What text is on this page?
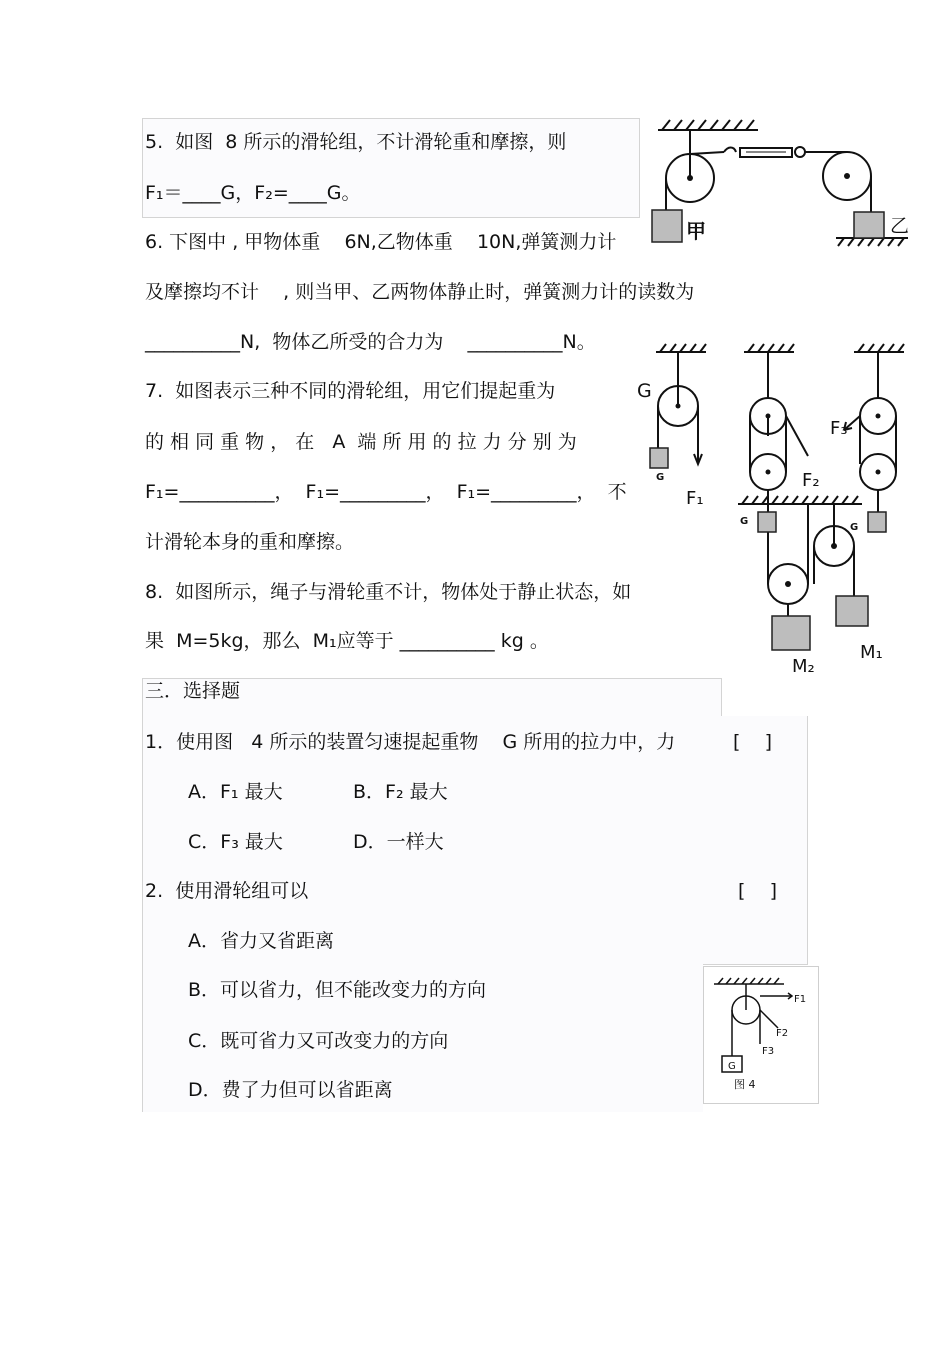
5.  如图  8 所示的滑轮组，不计滑轮重和摩擦，则

F₁＝____G，F₂=____G。

6. 下图中 , 甲物体重    6N,乙物体重    10N,弹簧测力计

及摩擦均不计    , 则当甲、乙两物体静止时，弹簧测力计的读数为

__________N,  物体乙所受的合力为    __________N。

7.  如图表示三种不同的滑轮组，用它们提起重为	G

的 相 同 重 物 ， 在   A  端 所 用 的 拉 力 分 别 为

F₁=__________，  F₁=_________，  F₁=_________，  不

计滑轮本身的重和摩擦。

8.  如图所示，绳子与滑轮重不计，物体处于静止状态，如

果  M=5kg，那么  M₁应等于 __________ kg 。

三．选择题

1．使用图   4 所示的装置匀速提起重物    G 所用的拉力中，力	[    ]

A．F₁ 最大	B．F₂ 最大

C．F₃ 最大	D．一样大

2.  使用滑轮组可以	[    ]

A．省力又省距离

B．可以省力，但不能改变力的方向

C．既可省力又可改变力的方向

D．费了力但可以省距离

甲	乙
G
F₁
F₂
F₃
G
G
M₂
M₁
G
F1
F2
F3
图 4
